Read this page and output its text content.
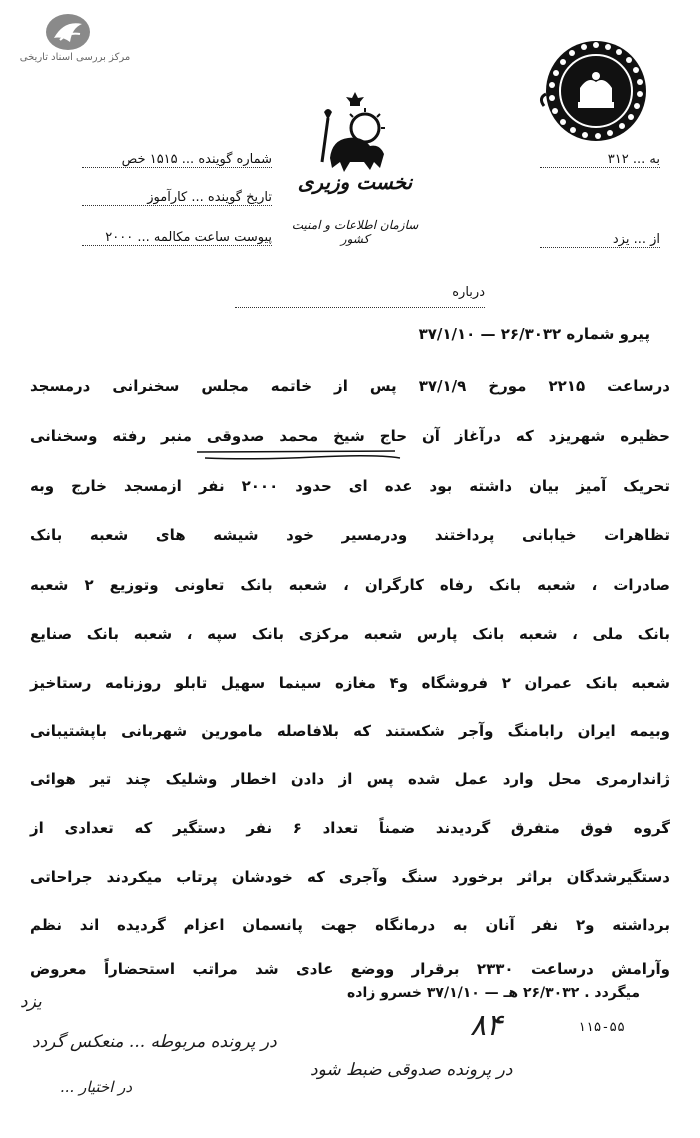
مرکز بررسی اسناد تاریخی
نخست وزیری
سازمان اطلاعات و امنیت کشور
شماره گوینده ... ۱۵۱۵ خص
تاریخ گوینده ... کارآموز
پیوست ساعت مکالمه ... ۲۰۰۰
به ... ۳۱۲
از ... یزد
درباره
پیرو شماره ۲۶/۳۰۳۲ — ۳۷/۱/۱۰
درساعت ۲۲۱۵ مورخ ۳۷/۱/۹ پس از خاتمه مجلس سخنرانی درمسجد
حظیره شهریزد که درآغاز آن حاج شیخ محمد صدوقی منبر رفته وسخنانی
تحریک آمیز بیان داشته بود عده ای حدود ۲۰۰۰ نفر ازمسجد خارج وبه
تظاهرات خیابانی پرداختند ودرمسیر خود شیشه های شعبه بانک
صادرات ، شعبه بانک رفاه کارگران ، شعبه بانک تعاونی وتوزیع ۲ شعبه
بانک ملی ، شعبه بانک پارس شعبه مرکزی بانک سپه ، شعبه بانک صنایع
شعبه بانک عمران ۲ فروشگاه و۴ مغازه سینما سهیل تابلو روزنامه رستاخیز
وبیمه ایران رابامنگ وآجر شکستند که بلافاصله مامورین شهربانی باپشتیبانی
ژاندارمری محل وارد عمل شده پس از دادن اخطار وشلیک چند تیر هوائی
گروه فوق متفرق گردیدند ضمناً تعداد ۶ نفر دستگیر که تعدادی از
دستگیرشدگان براثر برخورد سنگ وآجری که خودشان پرتاب میکردند جراحاتی
برداشته و۲ نفر آنان به درمانگاه جهت پانسمان اعزام گردیده اند نظم
وآرامش درساعت ۲۳۳۰ برقرار ووضع عادی شد مراتب استحضاراً معروض
میگردد . ۲۶/۳۰۳۲ هـ — ۳۷/۱/۱۰ خسرو زاده
یزد
۱۱۵-۵۵
۸۴
در پرونده مربوطه ... منعکس گردد
در پرونده صدوقی ضبط شود
در اختیار ...
